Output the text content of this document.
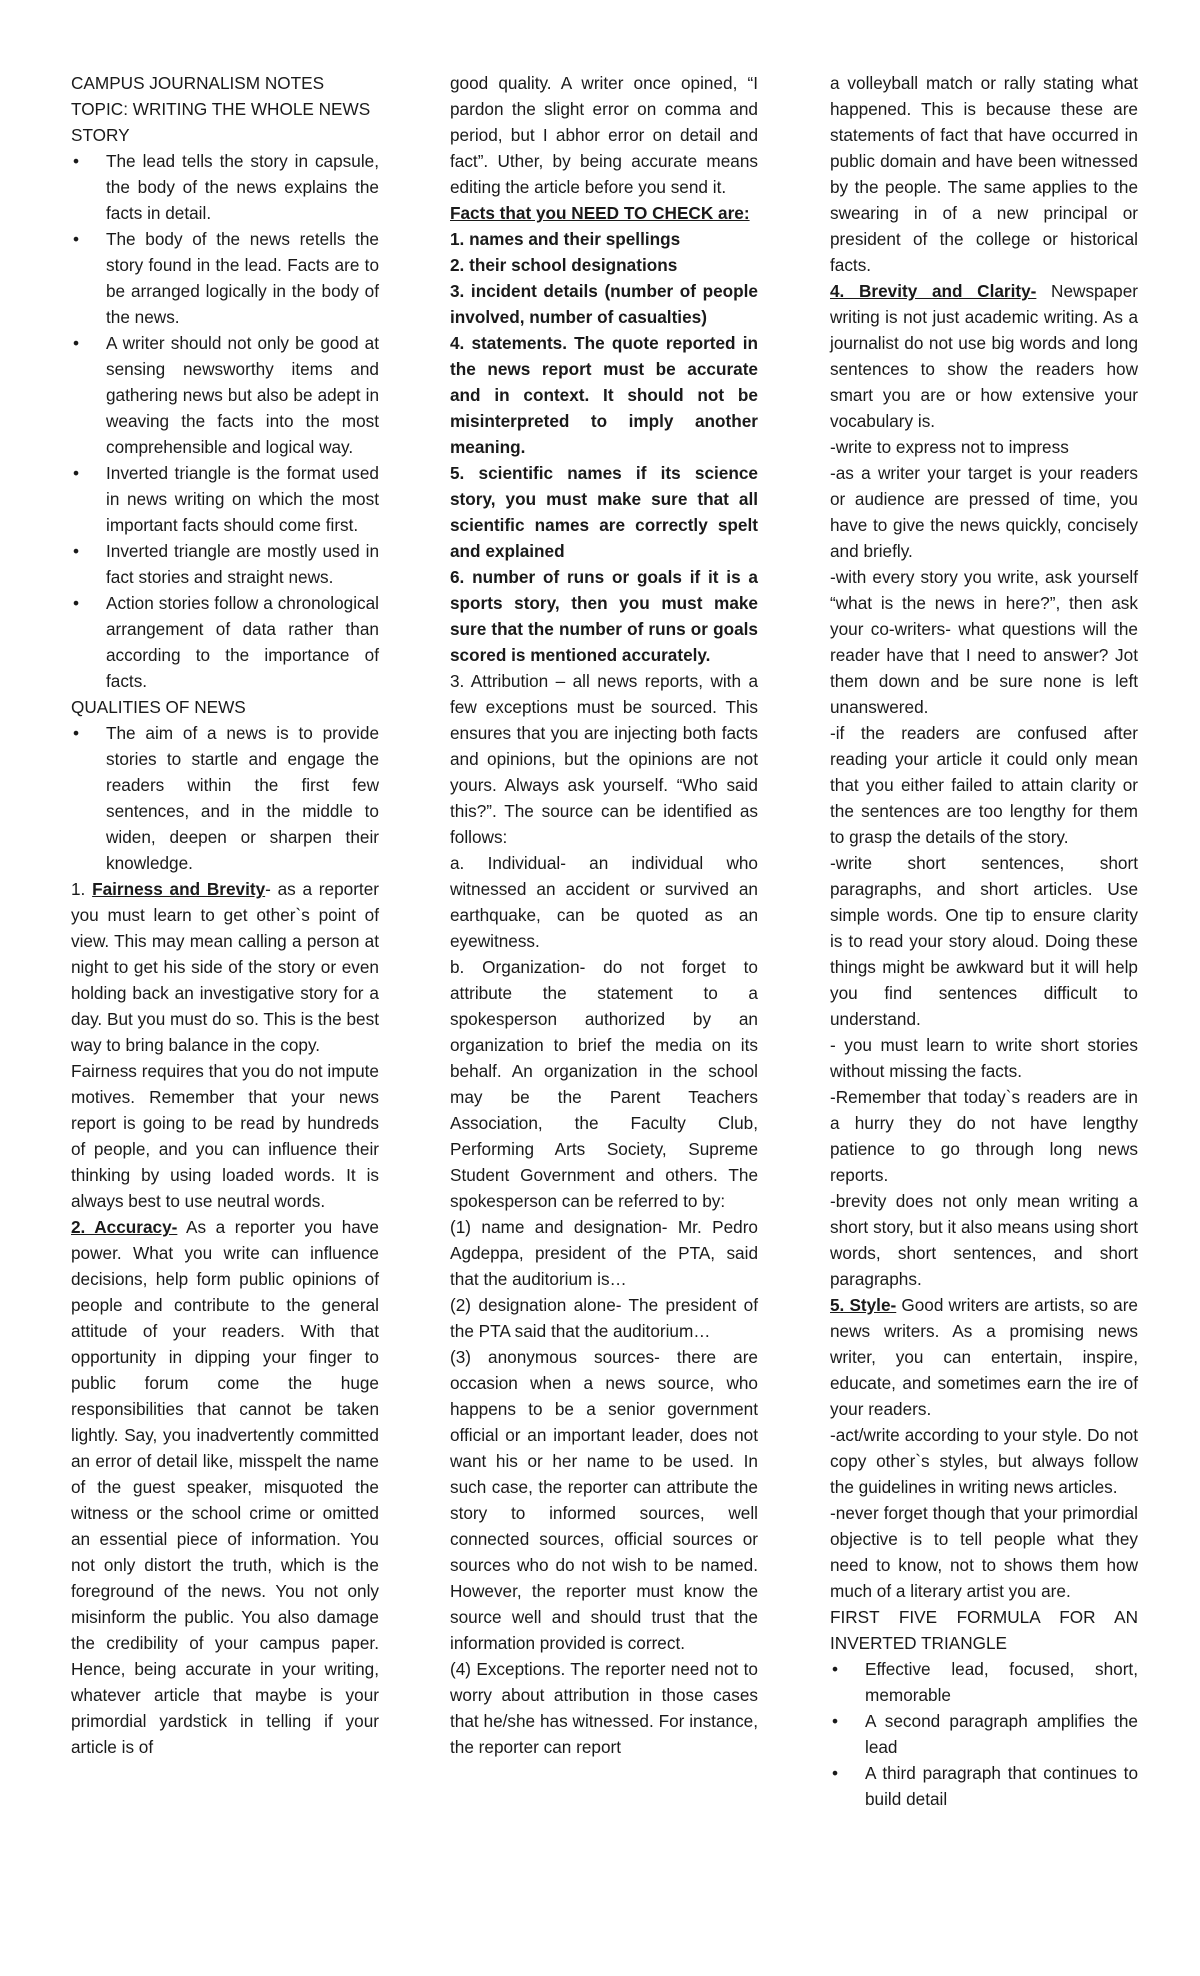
CAMPUS JOURNALISM NOTES

TOPIC: WRITING THE WHOLE NEWS STORY

• The lead tells the story in capsule, the body of the news explains the facts in detail.
• The body of the news retells the story found in the lead. Facts are to be arranged logically in the body of the news.
• A writer should not only be good at sensing newsworthy items and gathering news but also be adept in weaving the facts into the most comprehensible and logical way.
• Inverted triangle is the format used in news writing on which the most important facts should come first.
• Inverted triangle are mostly used in fact stories and straight news.
• Action stories follow a chronological arrangement of data rather than according to the importance of facts.

QUALITIES OF NEWS

• The aim of a news is to provide stories to startle and engage the readers within the first few sentences, and in the middle to widen, deepen or sharpen their knowledge.

1. Fairness and Brevity- as a reporter you must learn to get other`s point of view. This may mean calling a person at night to get his side of the story or even holding back an investigative story for a day. But you must do so. This is the best way to bring balance in the copy.

Fairness requires that you do not impute motives. Remember that your news report is going to be read by hundreds of people, and you can influence their thinking by using loaded words. It is always best to use neutral words.

2. Accuracy- As a reporter you have power. What you write can influence decisions, help form public opinions of people and contribute to the general attitude of your readers. With that opportunity in dipping your finger to public forum come the huge responsibilities that cannot be taken lightly. Say, you inadvertently committed an error of detail like, misspelt the name of the guest speaker, misquoted the witness or the school crime or omitted an essential piece of information. You not only distort the truth, which is the foreground of the news. You not only misinform the public. You also damage the credibility of your campus paper. Hence, being accurate in your writing, whatever article that maybe is your primordial yardstick in telling if your article is of

good quality. A writer once opined, “I pardon the slight error on comma and period, but I abhor error on detail and fact”. Uther, by being accurate means editing the article before you send it.

Facts that you NEED TO CHECK are:

1. names and their spellings

2. their school designations

3. incident details (number of people involved, number of casualties)

4. statements. The quote reported in the news report must be accurate and in context. It should not be misinterpreted to imply another meaning.

5. scientific names if its science story, you must make sure that all scientific names are correctly spelt and explained

6. number of runs or goals if it is a sports story, then you must make sure that the number of runs or goals scored is mentioned accurately.

3. Attribution – all news reports, with a few exceptions must be sourced. This ensures that you are injecting both facts and opinions, but the opinions are not yours. Always ask yourself. “Who said this?”. The source can be identified as follows:

a. Individual- an individual who witnessed an accident or survived an earthquake, can be quoted as an eyewitness.

b. Organization- do not forget to attribute the statement to a spokesperson authorized by an organization to brief the media on its behalf. An organization in the school may be the Parent Teachers Association, the Faculty Club, Performing Arts Society, Supreme Student Government and others. The spokesperson can be referred to by:

(1) name and designation- Mr. Pedro Agdeppa, president of the PTA, said that the auditorium is…

(2) designation alone- The president of the PTA said that the auditorium…

(3) anonymous sources- there are occasion when a news source, who happens to be a senior government official or an important leader, does not want his or her name to be used. In such case, the reporter can attribute the story to informed sources, well connected sources, official sources or sources who do not wish to be named. However, the reporter must know the source well and should trust that the information provided is correct.

(4) Exceptions. The reporter need not to worry about attribution in those cases that he/she has witnessed. For instance, the reporter can report

a volleyball match or rally stating what happened. This is because these are statements of fact that have occurred in public domain and have been witnessed by the people. The same applies to the swearing in of a new principal or president of the college or historical facts.

4. Brevity and Clarity- Newspaper writing is not just academic writing. As a journalist do not use big words and long sentences to show the readers how smart you are or how extensive your vocabulary is.

-write to express not to impress

-as a writer your target is your readers or audience are pressed of time, you have to give the news quickly, concisely and briefly.

-with every story you write, ask yourself “what is the news in here?”, then ask your co-writers- what questions will the reader have that I need to answer? Jot them down and be sure none is left unanswered.

-if the readers are confused after reading your article it could only mean that you either failed to attain clarity or the sentences are too lengthy for them to grasp the details of the story.

-write short sentences, short paragraphs, and short articles. Use simple words. One tip to ensure clarity is to read your story aloud. Doing these things might be awkward but it will help you find sentences difficult to understand.

- you must learn to write short stories without missing the facts.

-Remember that today`s readers are in a hurry they do not have lengthy patience to go through long news reports.

-brevity does not only mean writing a short story, but it also means using short words, short sentences, and short paragraphs.

5. Style- Good writers are artists, so are news writers. As a promising news writer, you can entertain, inspire, educate, and sometimes earn the ire of your readers.

-act/write according to your style. Do not copy other`s styles, but always follow the guidelines in writing news articles.

-never forget though that your primordial objective is to tell people what they need to know, not to shows them how much of a literary artist you are.

FIRST FIVE FORMULA FOR AN INVERTED TRIANGLE

• Effective lead, focused, short, memorable
• A second paragraph amplifies the lead
• A third paragraph that continues to build detail
